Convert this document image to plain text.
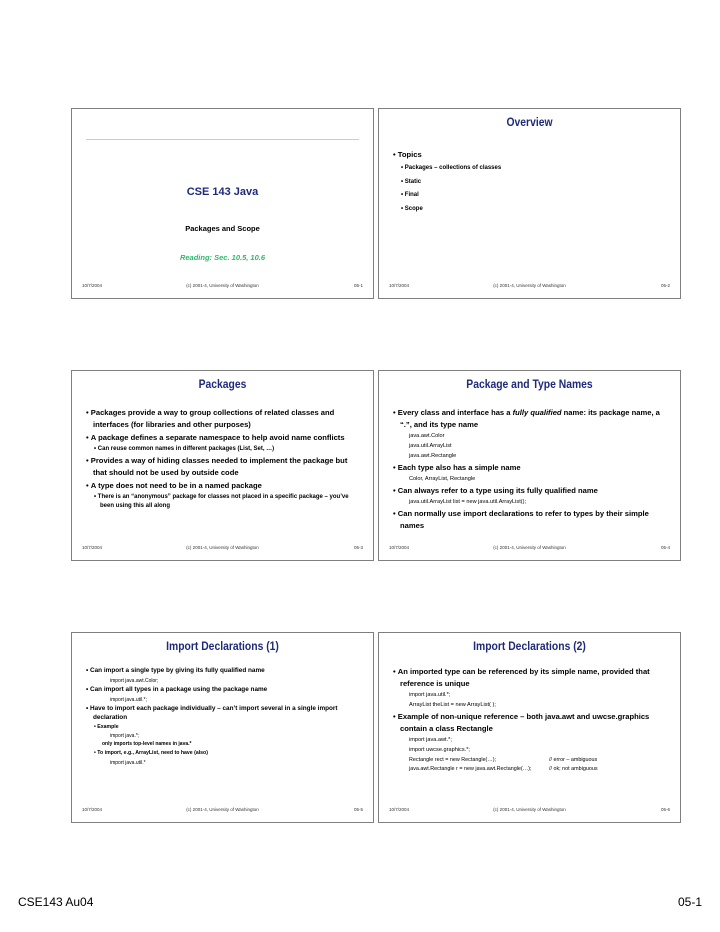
CSE 143 Java
Packages and Scope
Reading: Sec. 10.5, 10.6
10/7/2004	(c) 2001-4, University of Washington	05-1
Overview
• Topics
• Packages – collections of classes
• Static
• Final
• Scope
10/7/2004	(c) 2001-4, University of Washington	05-2
Packages
• Packages provide a way to group collections of related classes and interfaces (for libraries and other purposes)
• A package defines a separate namespace to help avoid name conflicts
• Can reuse common names in different packages (List, Set, …)
• Provides a way of hiding classes needed to implement the package but that should not be used by outside code
• A type does not need to be in a named package
• There is an “anonymous” package for classes not placed in a specific package – you’ve been using this all along
10/7/2004	(c) 2001-4, University of Washington	05-3
Package and Type Names
• Every class and interface has a fully qualified name: its package name, a “.”, and its type name
java.awt.Color
java.util.ArrayList
java.awt.Rectangle
• Each type also has a simple name
Color, ArrayList, Rectangle
• Can always refer to a type using its fully qualified name
java.util.ArrayList list = new java.util.ArrayList();
• Can normally use import declarations to refer to types by their simple names
10/7/2004	(c) 2001-4, University of Washington	05-4
Import Declarations (1)
• Can import a single type by giving its fully qualified name
import java.awt.Color;
• Can import all types in a package using the package name
import java.util.*;
• Have to import each package individually – can’t import several in a single import declaration
• Example
import java.*;
only imports top-level names in java.*
• To import, e.g., ArrayList, need to have (also)
import java.util.*
10/7/2004	(c) 2001-4, University of Washington	05-5
Import Declarations (2)
• An imported type can be referenced by its simple name, provided that reference is unique
import java.util.*;
ArrayList theList = new ArrayList( );
• Example of non-unique reference – both java.awt and uwcse.graphics contain a class Rectangle
import java.awt.*;
import uwcse.graphics.*;
Rectangle rect = new Rectangle(…);	// error – ambiguous
java.awt.Rectangle r = new java.awt.Rectangle(…);	// ok; not ambiguous
10/7/2004	(c) 2001-4, University of Washington	05-6
CSE143 Au04	05-1
